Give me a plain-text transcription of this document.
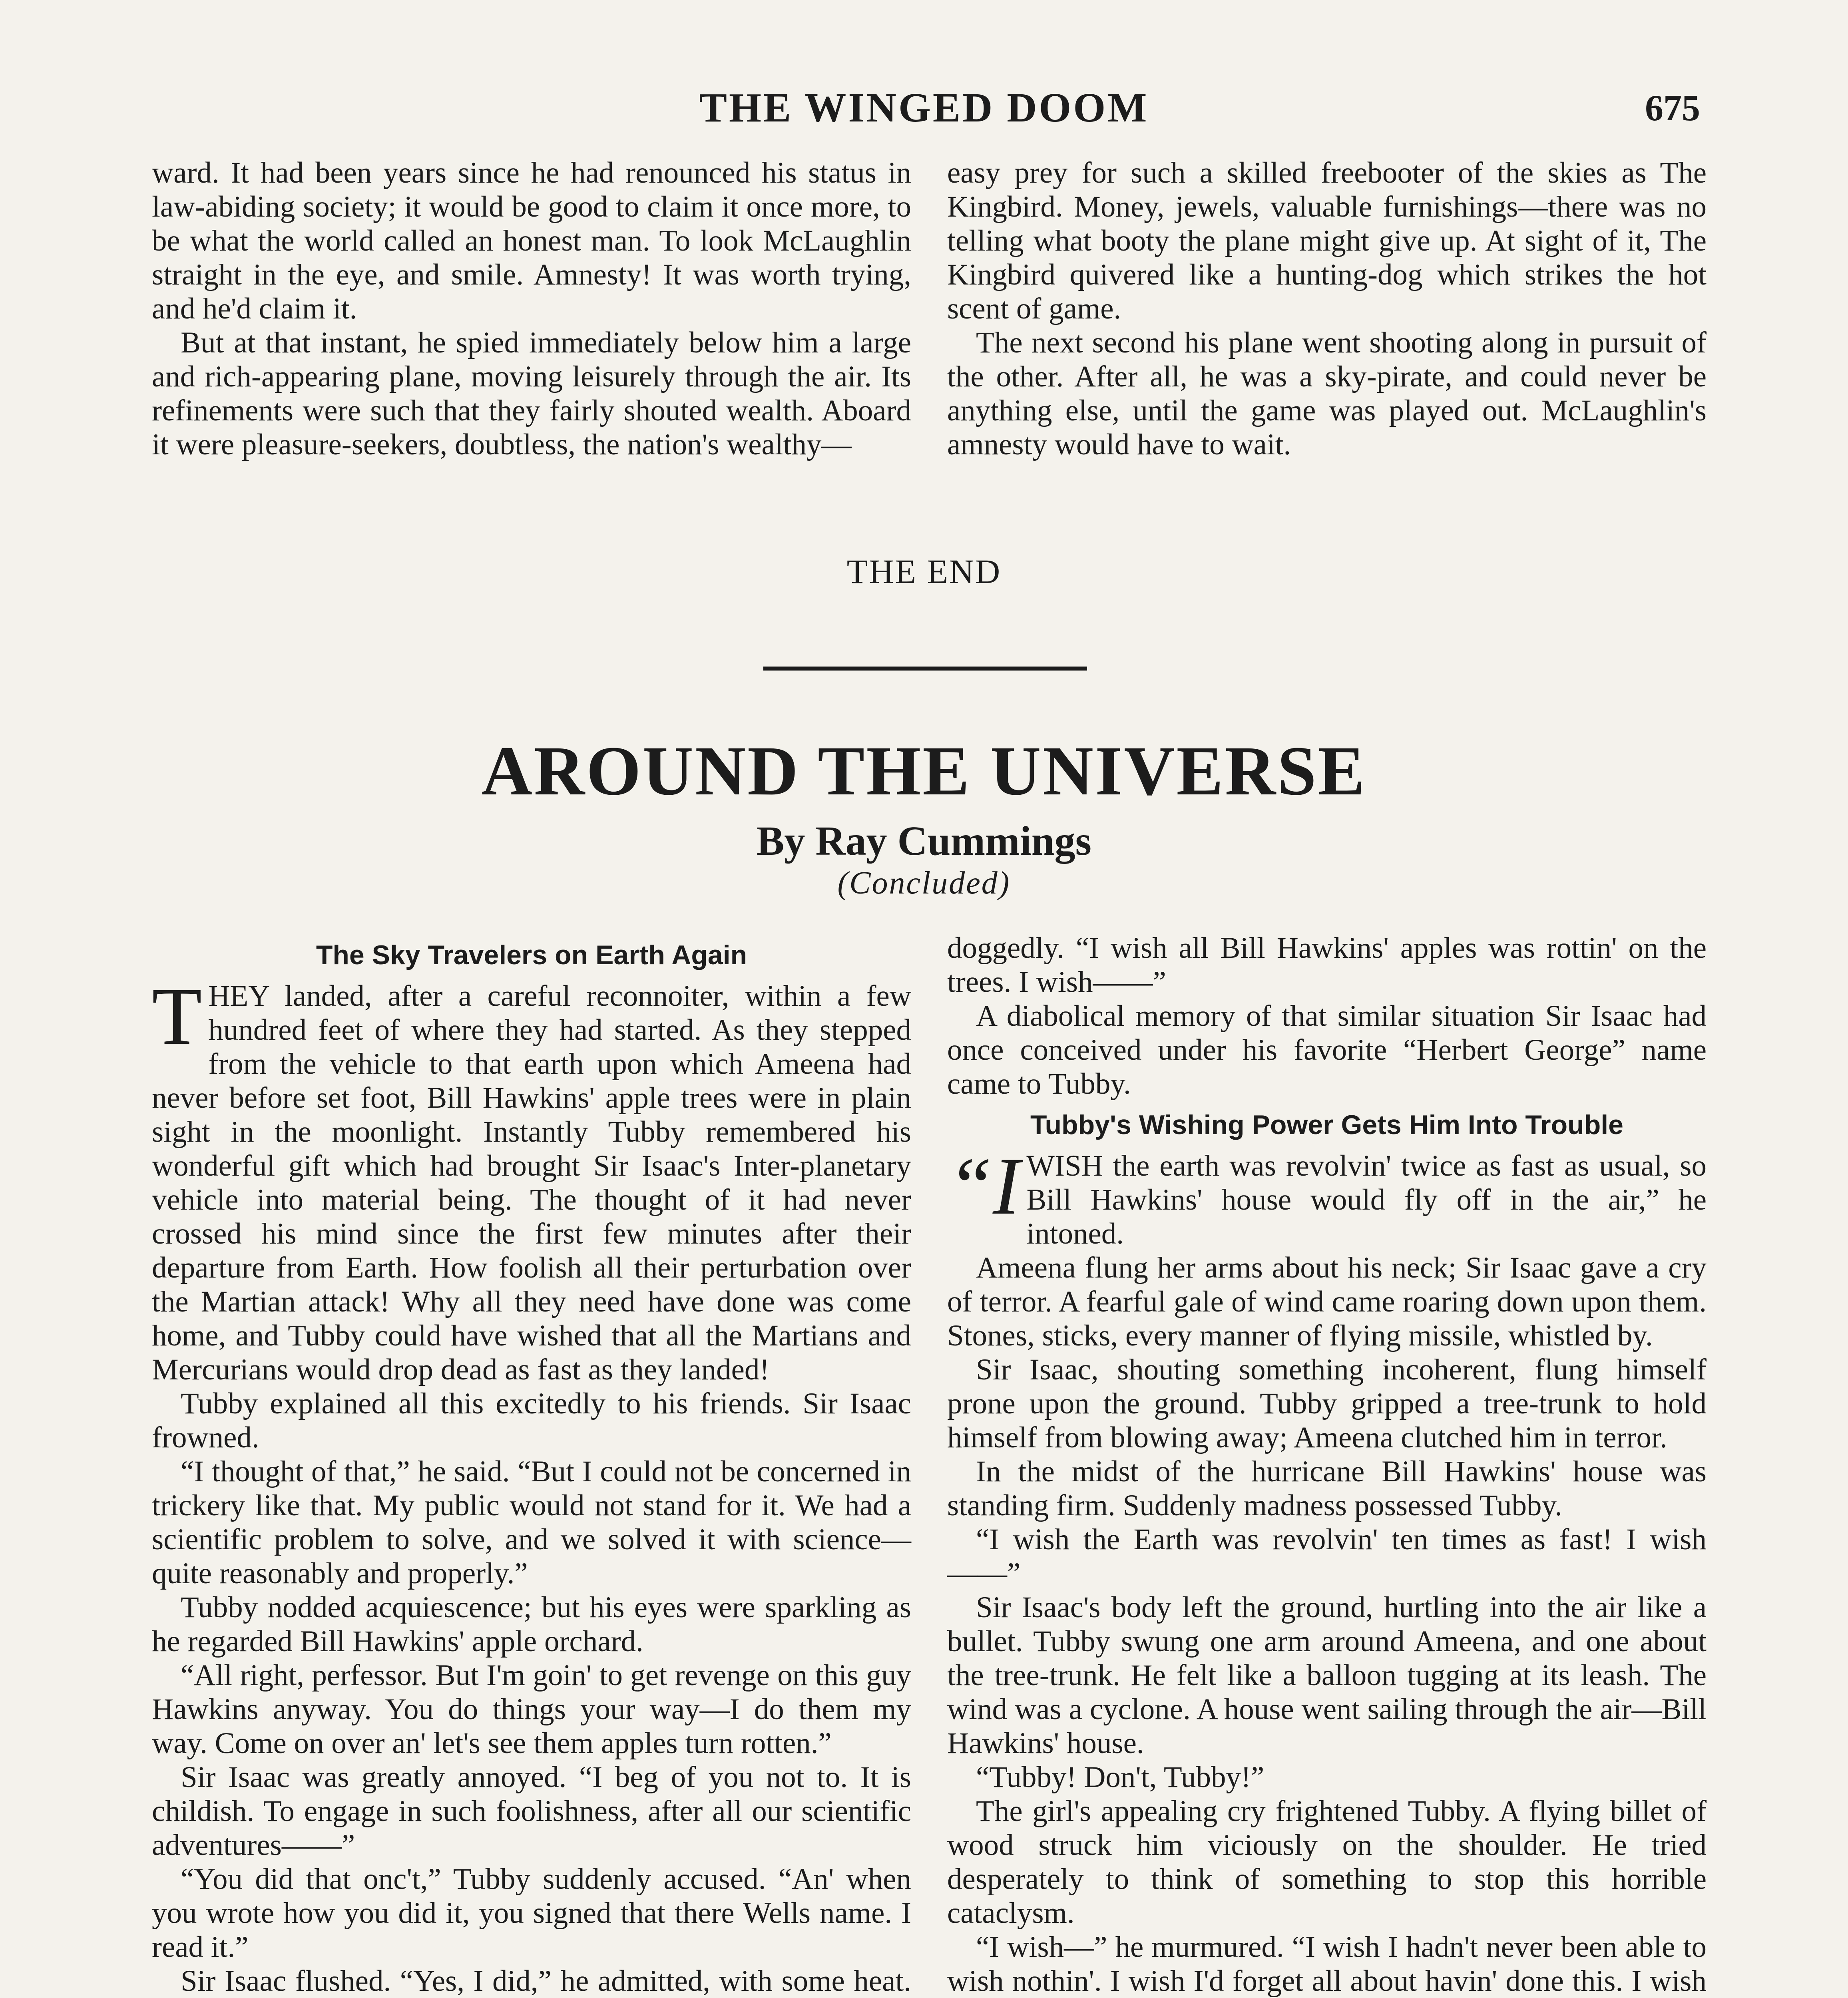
THE WINGED DOOM	675

ward. It had been years since he had renounced his status in law-abiding society; it would be good to claim it once more, to be what the world called an honest man. To look McLaughlin straight in the eye, and smile. Amnesty! It was worth trying, and he'd claim it.

But at that instant, he spied immediately below him a large and rich-appearing plane, moving leisurely through the air. Its refinements were such that they fairly shouted wealth. Aboard it were pleasure-seekers, doubtless, the nation's wealthy—

easy prey for such a skilled freebooter of the skies as The Kingbird. Money, jewels, valuable furnishings—there was no telling what booty the plane might give up. At sight of it, The Kingbird quivered like a hunting-dog which strikes the hot scent of game.

The next second his plane went shooting along in pursuit of the other. After all, he was a sky-pirate, and could never be anything else, until the game was played out. McLaughlin's amnesty would have to wait.

THE END
AROUND THE UNIVERSE
By Ray Cummings
(Concluded)
The Sky Travelers on Earth Again

THEY landed, after a careful reconnoiter, within a few hundred feet of where they had started. As they stepped from the vehicle to that earth upon which Ameena had never before set foot, Bill Hawkins' apple trees were in plain sight in the moonlight. Instantly Tubby remembered his wonderful gift which had brought Sir Isaac's Inter-planetary vehicle into material being. The thought of it had never crossed his mind since the first few minutes after their departure from Earth. How foolish all their perturbation over the Martian attack! Why all they need have done was come home, and Tubby could have wished that all the Martians and Mercurians would drop dead as fast as they landed!

Tubby explained all this excitedly to his friends. Sir Isaac frowned.

“I thought of that,” he said. “But I could not be concerned in trickery like that. My public would not stand for it. We had a scientific problem to solve, and we solved it with science—quite reasonably and properly.”

Tubby nodded acquiescence; but his eyes were sparkling as he regarded Bill Hawkins' apple orchard.

“All right, perfessor. But I'm goin' to get revenge on this guy Hawkins anyway. You do things your way—I do them my way. Come on over an' let's see them apples turn rotten.”

Sir Isaac was greatly annoyed. “I beg of you not to. It is childish. To engage in such foolishness, after all our scientific adventures——”

“You did that onc't,” Tubby suddenly accused. “An' when you wrote how you did it, you signed that there Wells name. I read it.”

Sir Isaac flushed. “Yes, I did,” he admitted, with some heat.

doggedly. “I wish all Bill Hawkins' apples was rottin' on the trees. I wish——”

A diabolical memory of that similar situation Sir Isaac had once conceived under his favorite “Herbert George” name came to Tubby.

Tubby's Wishing Power Gets Him Into Trouble

“IWISH the earth was revolvin' twice as fast as usual, so Bill Hawkins' house would fly off in the air,” he intoned.

Ameena flung her arms about his neck; Sir Isaac gave a cry of terror. A fearful gale of wind came roaring down upon them. Stones, sticks, every manner of flying missile, whistled by.

Sir Isaac, shouting something incoherent, flung himself prone upon the ground. Tubby gripped a tree-trunk to hold himself from blowing away; Ameena clutched him in terror.

In the midst of the hurricane Bill Hawkins' house was standing firm. Suddenly madness possessed Tubby.

“I wish the Earth was revolvin' ten times as fast! I wish——”

Sir Isaac's body left the ground, hurtling into the air like a bullet. Tubby swung one arm around Ameena, and one about the tree-trunk. He felt like a balloon tugging at its leash. The wind was a cyclone. A house went sailing through the air—Bill Hawkins' house.

“Tubby! Don't, Tubby!”

The girl's appealing cry frightened Tubby. A flying billet of wood struck him viciously on the shoulder. He tried desperately to think of something to stop this horrible cataclysm.

“I wish—” he murmured. “I wish I hadn't never been able to wish nothin'. I wish I'd forget all about havin' done this. I wish
